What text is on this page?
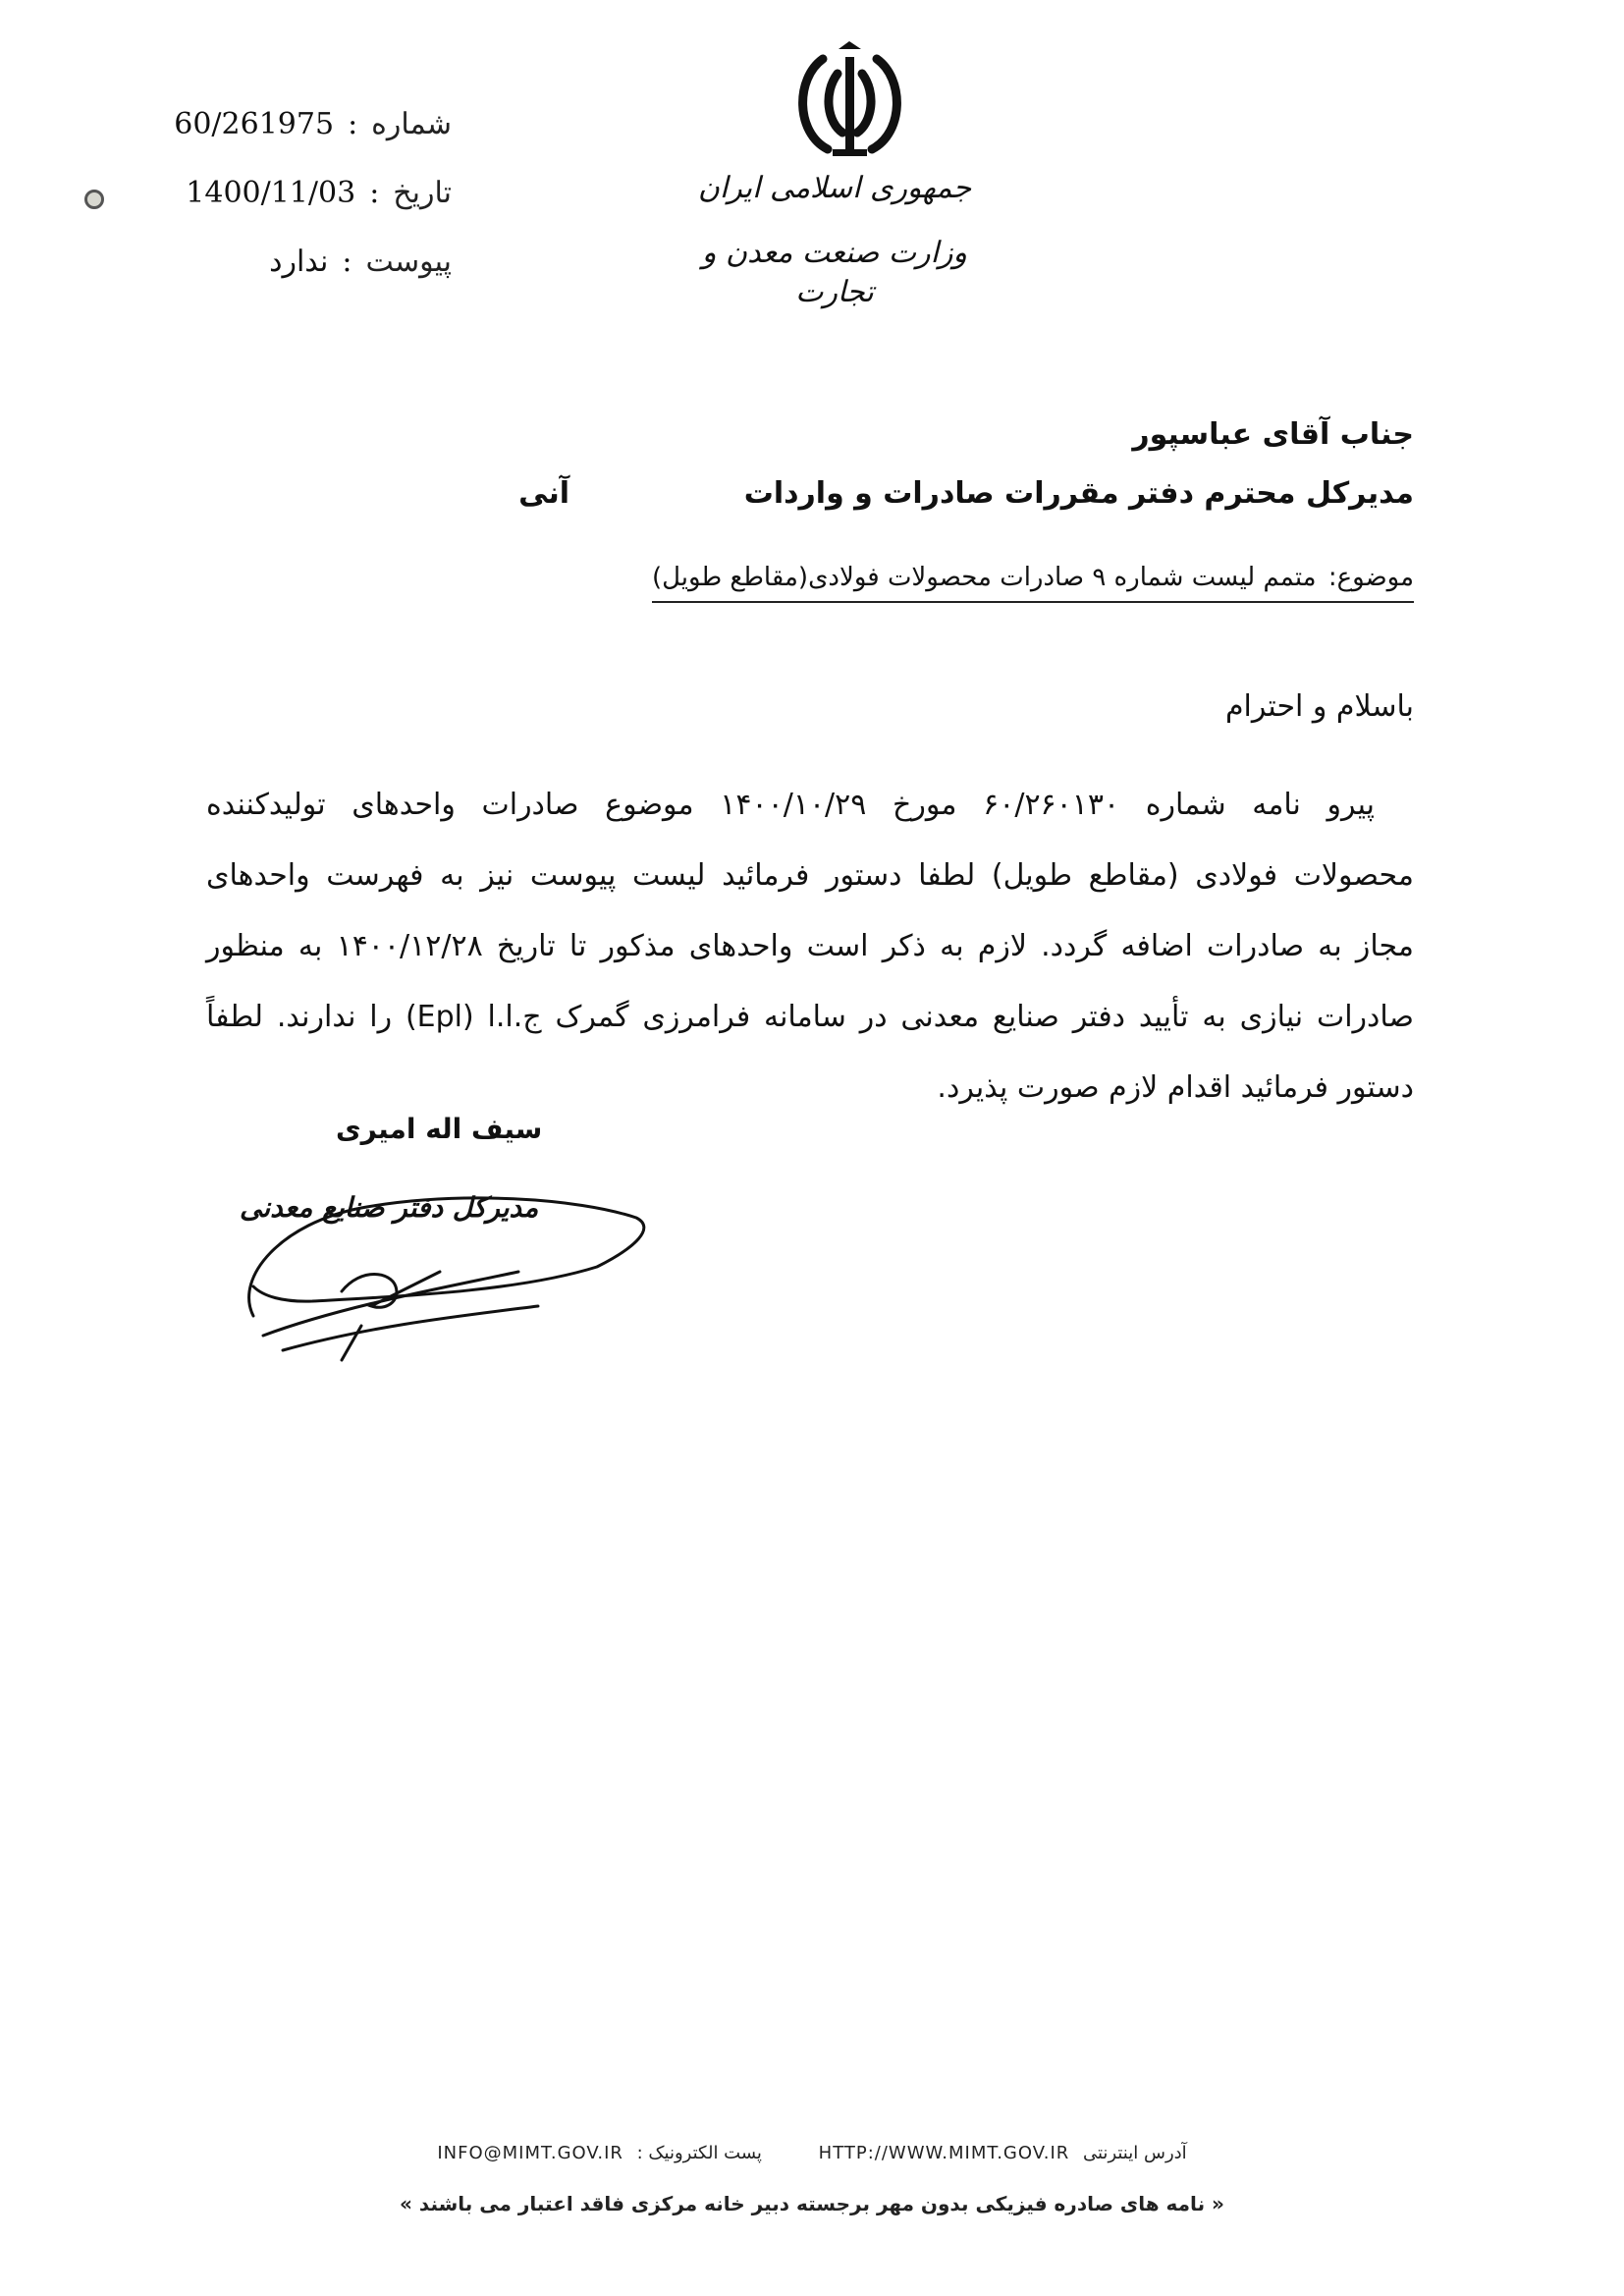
شماره
:
60/261975
تاریخ
:
1400/11/03
پیوست
:
ندارد
جمهوری اسلامی ایران
وزارت صنعت معدن و تجارت
جناب آقای عباسپور
مدیرکل محترم دفتر مقررات صادرات و واردات
آنی
موضوع: متمم لیست شماره ۹ صادرات محصولات فولادی(مقاطع طویل)
باسلام و احترام
پیرو نامه شماره ۶۰/۲۶۰۱۳۰ مورخ ۱۴۰۰/۱۰/۲۹ موضوع صادرات واحدهای تولیدکننده
محصولات فولادی (مقاطع طویل) لطفا دستور فرمائید لیست پیوست نیز به فهرست واحدهای
مجاز به صادرات اضافه گردد. لازم به ذکر است واحدهای مذکور تا تاریخ ۱۴۰۰/۱۲/۲۸ به منظور
صادرات نیازی به تأیید دفتر صنایع معدنی در سامانه فرامرزی گمرک ج.ا.ا (Epl) را ندارند. لطفاً
دستور فرمائید اقدام لازم صورت پذیرد.
سیف اله امیری
مدیرکل دفتر صنایع معدنی
آدرس اینترنتی HTTP://WWW.MIMT.GOV.IR پست الکترونیک : INFO@MIMT.GOV.IR
« نامه های صادره فیزیکی بدون مهر برجسته دبیر خانه مرکزی فاقد اعتبار می باشند »
